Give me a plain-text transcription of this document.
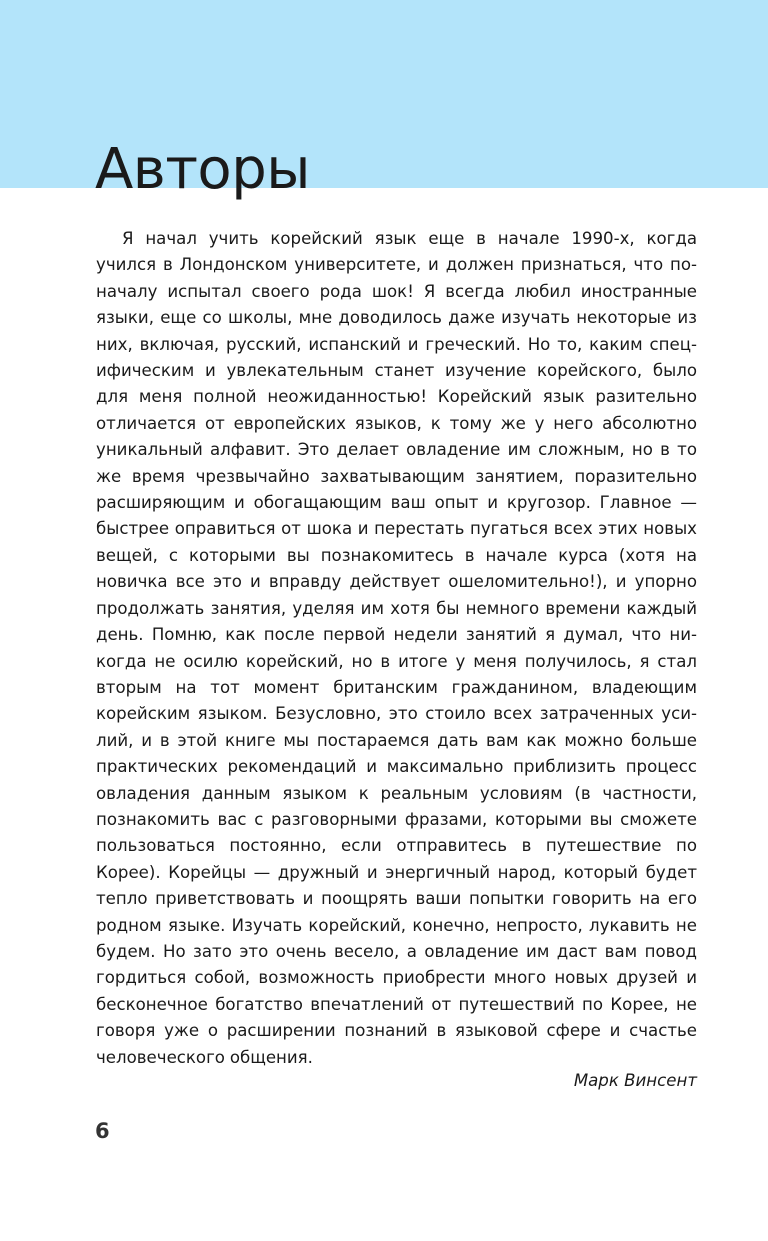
Авторы

Я начал учить корейский язык еще в начале 1990-х, когда учился в Лондонском университете, и должен признаться, что поначалу испытал своего рода шок! Я всегда любил иностранные языки, еще со школы, мне доводилось даже изучать некоторые из них, включая, русский, испанский и греческий. Но то, каким специфическим и увлекательным станет изучение корейского, было для меня полной неожиданностью! Корейский язык разительно отличается от европейских языков, к тому же у него абсолютно уникальный алфавит. Это делает овладение им сложным, но в то же время чрезвычайно захватывающим занятием, поразительно расширяющим и обогащающим ваш опыт и кругозор. Главное — быстрее оправиться от шока и перестать пугаться всех этих новых вещей, с которыми вы познакомитесь в начале курса (хотя на новичка все это и вправду действует ошеломительно!), и упорно продолжать занятия, уделяя им хотя бы немного времени каждый день. Помню, как после первой недели занятий я думал, что никогда не осилю корейский, но в итоге у меня получилось, я стал вторым на тот момент британским гражданином, владеющим корейским языком. Безусловно, это стоило всех затраченных усилий, и в этой книге мы постараемся дать вам как можно больше практических рекомендаций и максимально приблизить процесс овладения данным языком к реальным условиям (в частности, познакомить вас с разговорными фразами, которыми вы сможете пользоваться постоянно, если отправитесь в путешествие по Корее). Корейцы — дружный и энергичный народ, который будет тепло приветствовать и поощрять ваши попытки говорить на его родном языке. Изучать корейский, конечно, непросто, лукавить не будем. Но зато это очень весело, а овладение им даст вам повод гордиться собой, возможность приобрести много новых друзей и бесконечное богатство впечатлений от путешествий по Корее, не говоря уже о расширении познаний в языковой сфере и счастье человеческого общения.

Марк Винсент

6
